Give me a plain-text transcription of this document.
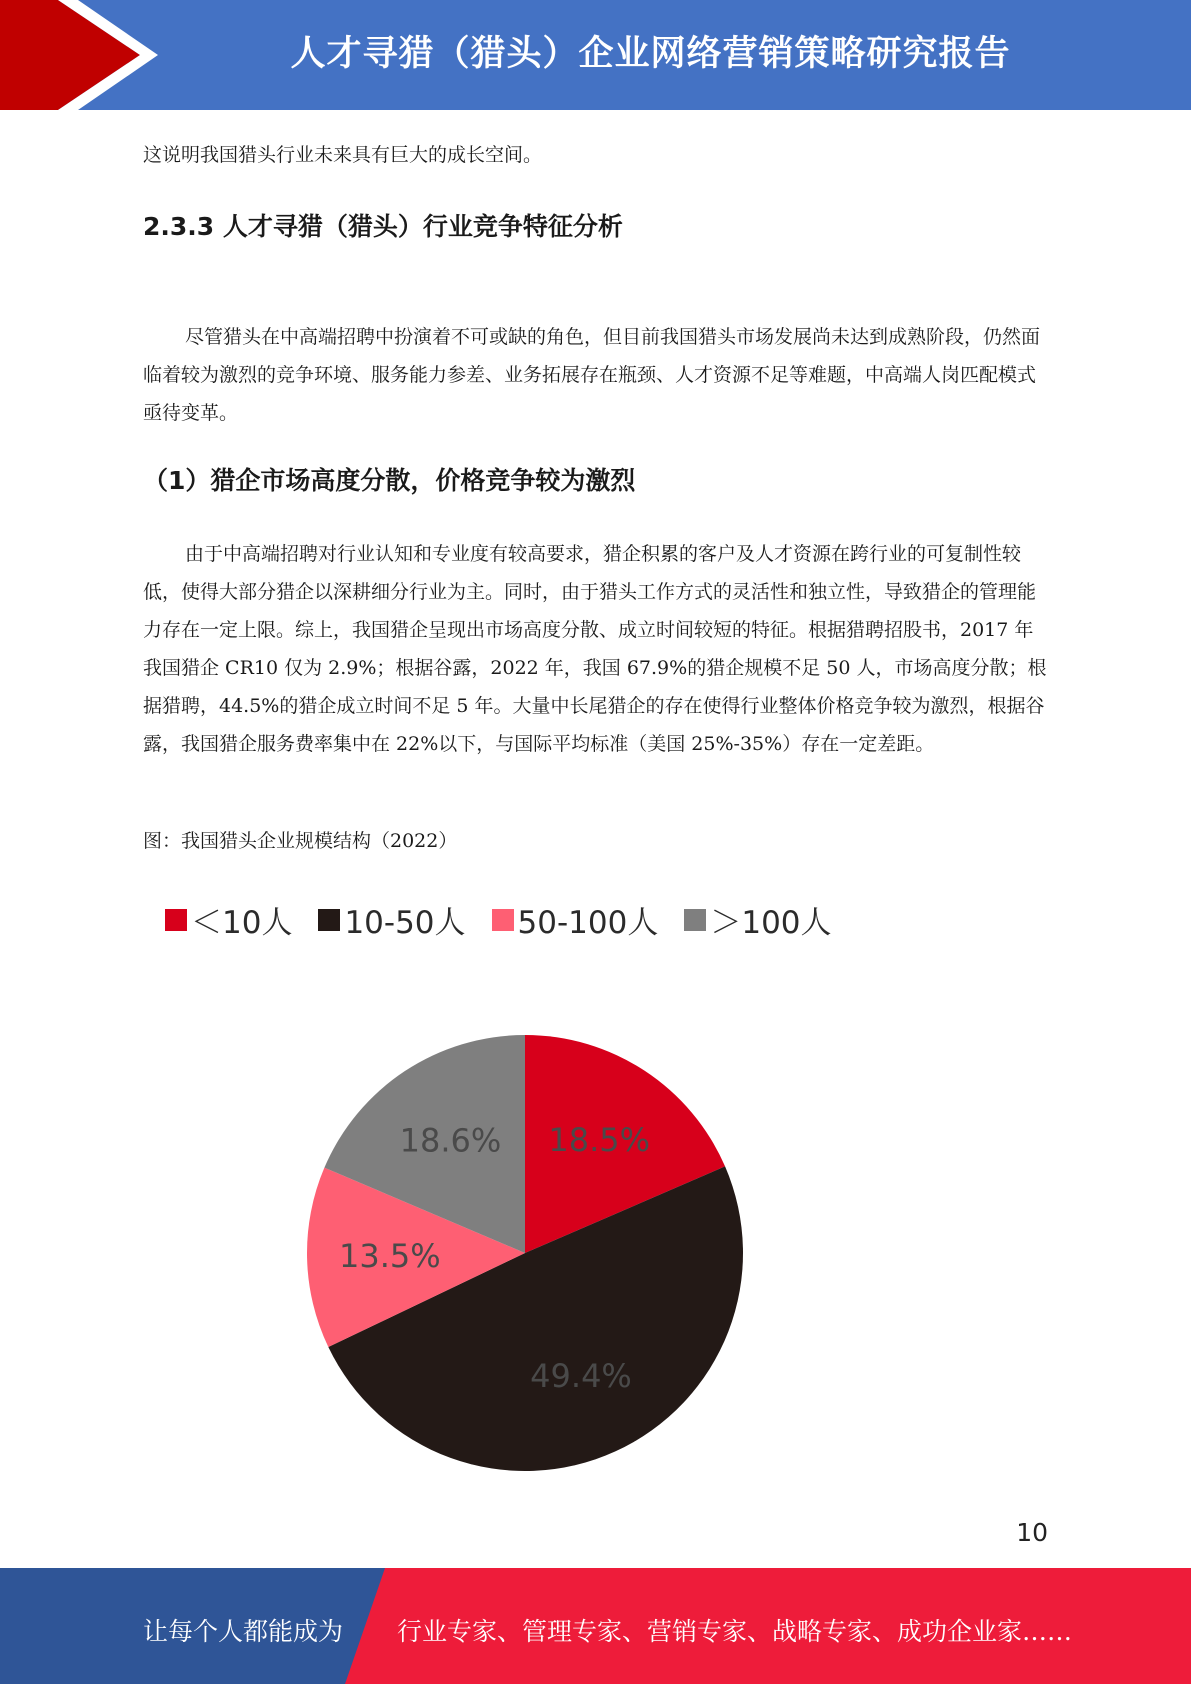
人才寻猎（猎头）企业网络营销策略研究报告

这说明我国猎头行业未来具有巨大的成长空间。

2.3.3 人才寻猎（猎头）行业竞争特征分析

尽管猎头在中高端招聘中扮演着不可或缺的角色，但目前我国猎头市场发展尚未达到成熟阶段，仍然面临着较为激烈的竞争环境、服务能力参差、业务拓展存在瓶颈、人才资源不足等难题，中高端人岗匹配模式亟待变革。

（1）猎企市场高度分散，价格竞争较为激烈

由于中高端招聘对行业认知和专业度有较高要求，猎企积累的客户及人才资源在跨行业的可复制性较低，使得大部分猎企以深耕细分行业为主。同时，由于猎头工作方式的灵活性和独立性，导致猎企的管理能力存在一定上限。综上，我国猎企呈现出市场高度分散、成立时间较短的特征。根据猎聘招股书，2017 年我国猎企 CR10 仅为 2.9%；根据谷露，2022 年，我国 67.9%的猎企规模不足 50 人，市场高度分散；根据猎聘，44.5%的猎企成立时间不足 5 年。大量中长尾猎企的存在使得行业整体价格竞争较为激烈，根据谷露，我国猎企服务费率集中在 22%以下，与国际平均标准（美国 25%-35%）存在一定差距。

图：我国猎头企业规模结构（2022）

＜10人 10-50人 50-100人 ＞100人
18.5%
49.4%
13.5%
18.6%
10
让每个人都能成为 行业专家、管理专家、营销专家、战略专家、成功企业家……
